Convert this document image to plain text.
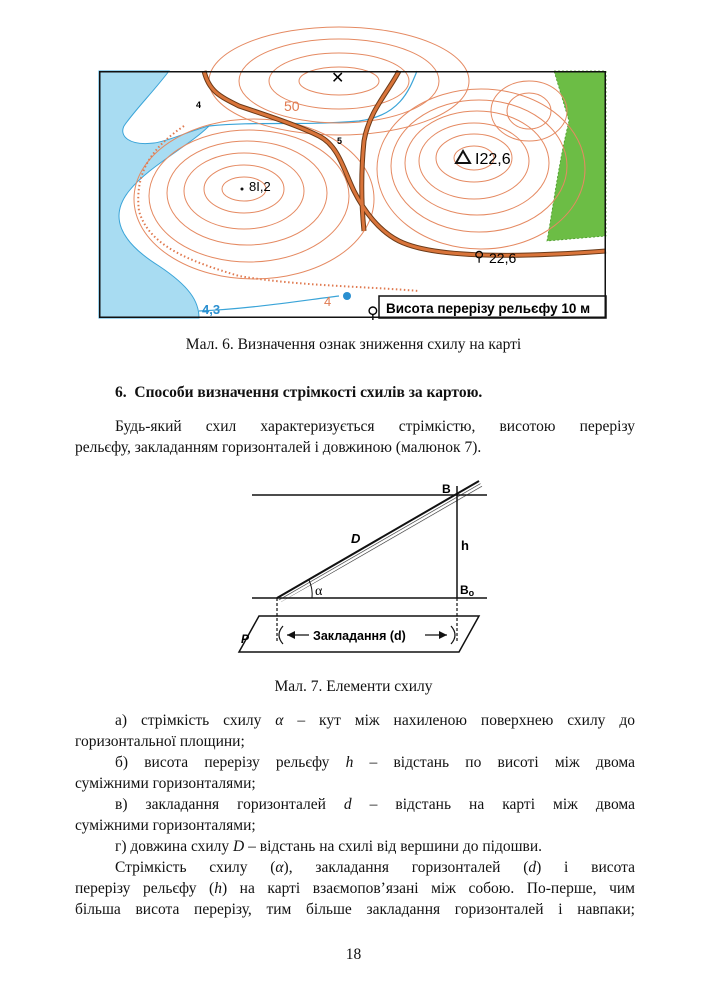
✕
⚲
⚲
50
4
5
8І,2
І22,6
22,6
4,3
4	Висота перерізу рельєфу 10 м
Мал. 6. Визначення ознак зниження схилу на карті
6. Способи визначення стрімкості схилів за картою.
Будь-який схил характеризується стрімкістю, висотою перерізу
рельєфу, закладанням горизонталей і довжиною (малюнок 7).
Закладання (d)
B
D	h
α	Bo
P
Мал. 7. Елементи схилу
а) стрімкість схилу α – кут між нахиленою поверхнею схилу до
горизонтальної площини;
б) висота перерізу рельєфу h – відстань по висоті між двома
суміжними горизонталями;
в) закладання горизонталей d – відстань на карті між двома
суміжними горизонталями;
г) довжина схилу D – відстань на схилі від вершини до підошви.
Стрімкість схилу (α), закладання горизонталей (d) і висота
перерізу рельєфу (h) на карті взаємопов’язані між собою. По-перше, чим
більша висота перерізу, тим більше закладання горизонталей і навпаки;
18
